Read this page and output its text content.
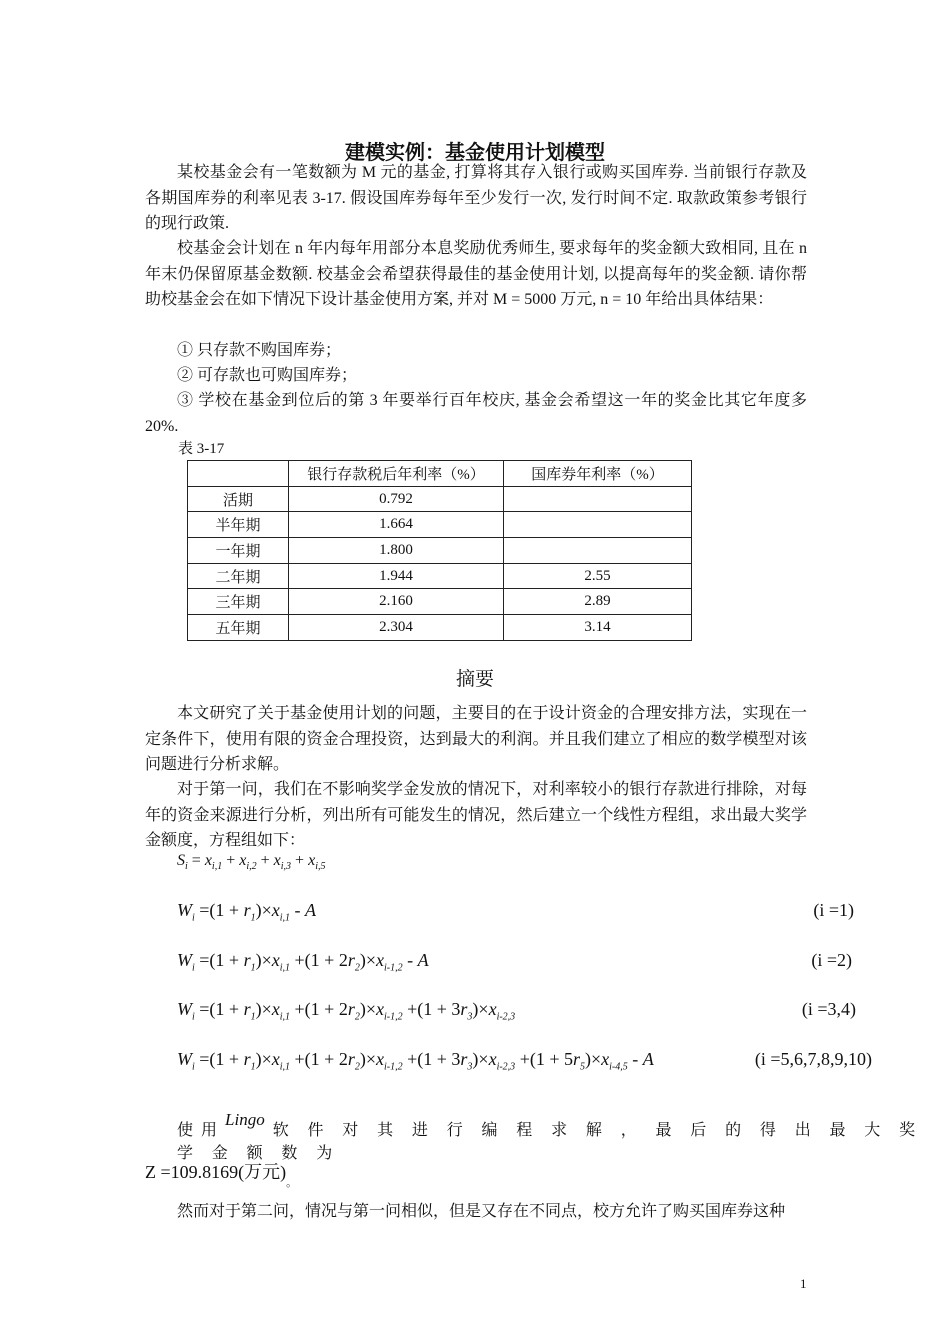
建模实例：基金使用计划模型
某校基金会有一笔数额为 M 元的基金, 打算将其存入银行或购买国库券. 当前银行存款及各期国库券的利率见表 3-17. 假设国库券每年至少发行一次, 发行时间不定. 取款政策参考银行的现行政策.
校基金会计划在 n 年内每年用部分本息奖励优秀师生, 要求每年的奖金额大致相同, 且在 n 年末仍保留原基金数额. 校基金会希望获得最佳的基金使用计划, 以提高每年的奖金额. 请你帮助校基金会在如下情况下设计基金使用方案, 并对 M = 5000 万元, n = 10 年给出具体结果：
① 只存款不购国库券；
② 可存款也可购国库券；
③ 学校在基金到位后的第 3 年要举行百年校庆, 基金会希望这一年的奖金比其它年度多 20%.
表 3-17
	银行存款税后年利率（%）	国库券年利率（%）
活期	0.792	
半年期	1.664	
一年期	1.800	
二年期	1.944	2.55
三年期	2.160	2.89
五年期	2.304	3.14
摘要
本文研究了关于基金使用计划的问题，主要目的在于设计资金的合理安排方法，实现在一定条件下，使用有限的资金合理投资，达到最大的利润。并且我们建立了相应的数学模型对该问题进行分析求解。
对于第一问，我们在不影响奖学金发放的情况下，对利率较小的银行存款进行排除，对每年的资金来源进行分析，列出所有可能发生的情况，然后建立一个线性方程组，求出最大奖学金额度，方程组如下：
$S_i = x_{i,1} + x_{i,2} + x_{i,3} + x_{i,5}$
$W_i =(1 + r_1)\times x_{i,1} - A$	(i =1)
$W_i =(1 + r_1)\times x_{i,1} +(1 + 2r_2)\times x_{i-1,2} - A$	(i =2)
$W_i =(1 + r_1)\times x_{i,1} +(1 + 2r_2)\times x_{i-1,2} +(1 + 3r_3)\times x_{i-2,3}$	(i =3,4)
$W_i =(1 + r_1)\times x_{i,1} +(1 + 2r_2)\times x_{i-1,2} +(1 + 3r_3)\times x_{i-2,3} +(1 + 5r_5)\times x_{i-4,5} - A$	(i =5,6,7,8,9,10)
使 用 Lingo 软 件 对 其 进 行 编 程 求 解 ， 最 后 的 得 出 最 大 奖 学 金 额 数 为
Z =109.8169(万元)$_。$
然而对于第二问，情况与第一问相似，但是又存在不同点，校方允许了购买国库券这种
1
